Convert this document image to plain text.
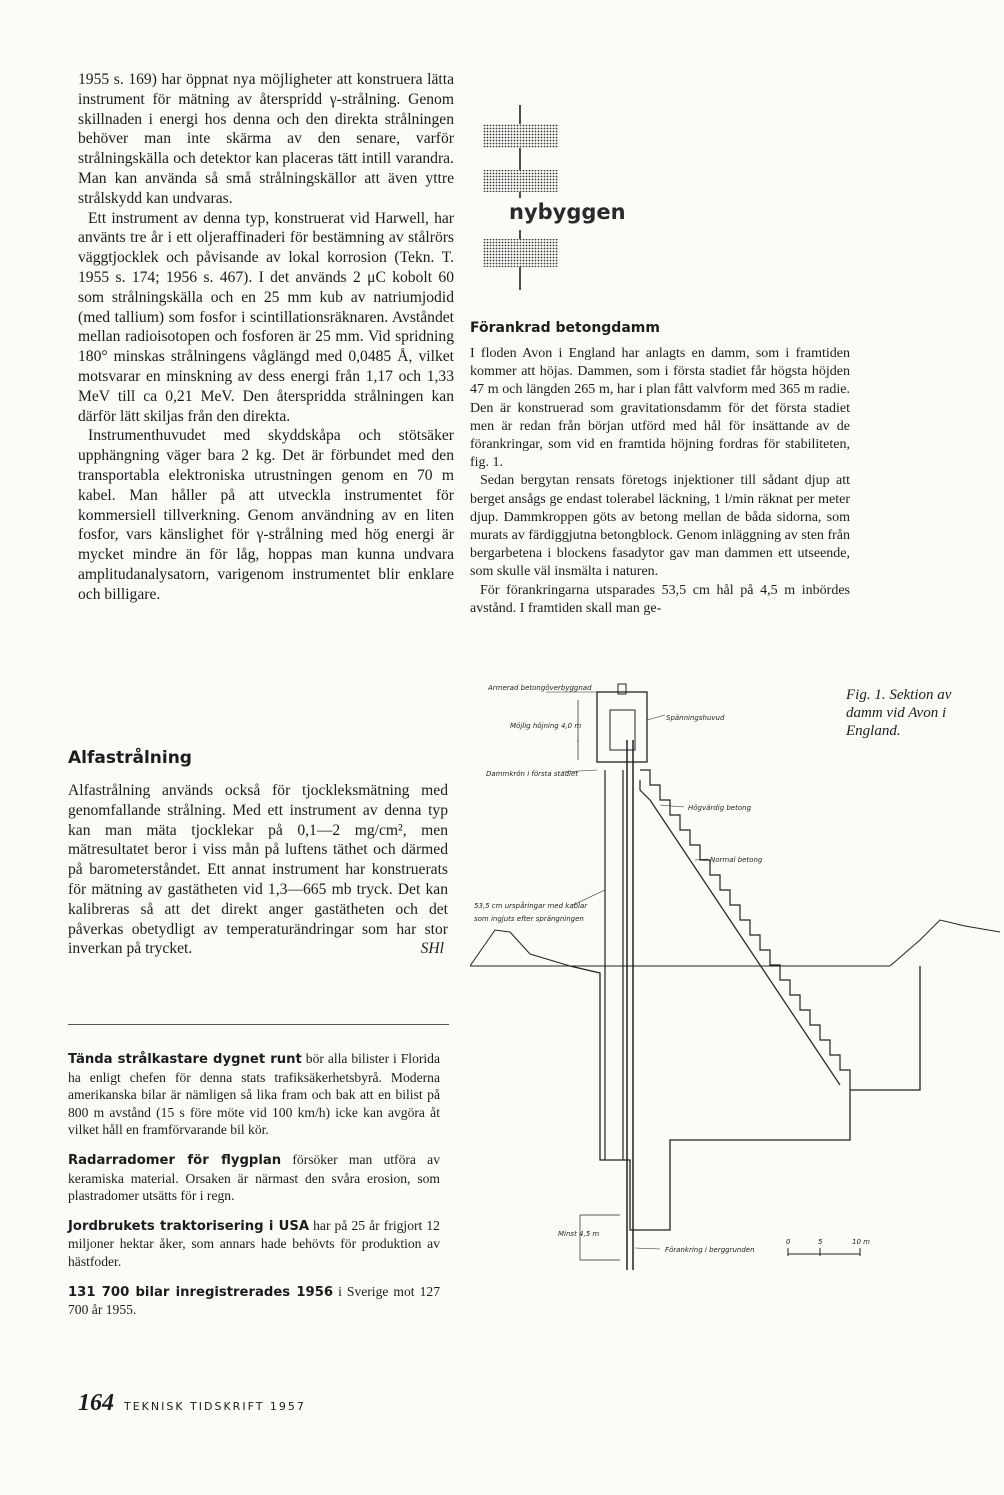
1955 s. 169) har öppnat nya möjligheter att konstruera lätta instrument för mätning av återspridd γ-strålning. Genom skillnaden i energi hos denna och den direkta strålningen behöver man inte skärma av den senare, varför strålningskälla och detektor kan placeras tätt intill varandra. Man kan använda så små strålningskällor att även yttre strålskydd kan undvaras.

Ett instrument av denna typ, konstruerat vid Harwell, har använts tre år i ett oljeraffinaderi för bestämning av stålrörs väggtjocklek och påvisande av lokal korrosion (Tekn. T. 1955 s. 174; 1956 s. 467). I det används 2 μC kobolt 60 som strålningskälla och en 25 mm kub av natriumjodid (med tallium) som fosfor i scintillationsräknaren. Avståndet mellan radioisotopen och fosforen är 25 mm. Vid spridning 180° minskas strålningens våglängd med 0,0485 Å, vilket motsvarar en minskning av dess energi från 1,17 och 1,33 MeV till ca 0,21 MeV. Den återspridda strålningen kan därför lätt skiljas från den direkta.

Instrumenthuvudet med skyddskåpa och stötsäker upphängning väger bara 2 kg. Det är förbundet med den transportabla elektroniska utrustningen genom en 70 m kabel. Man håller på att utveckla instrumentet för kommersiell tillverkning. Genom användning av en liten fosfor, vars känslighet för γ-strålning med hög energi är mycket mindre än för låg, hoppas man kunna undvara amplitudanalysatorn, varigenom instrumentet blir enklare och billigare.

Alfastrålning

Alfastrålning används också för tjockleksmätning med genomfallande strålning. Med ett instrument av denna typ kan man mäta tjocklekar på 0,1—2 mg/cm², men mätresultatet beror i viss mån på luftens täthet och därmed på barometerståndet. Ett annat instrument har konstruerats för mätning av gastätheten vid 1,3—665 mb tryck. Det kan kalibreras så att det direkt anger gastätheten och det påverkas obetydligt av temperaturändringar som har stor inverkan på trycket.	SHl

Tända strålkastare dygnet runt bör alla bilister i Florida ha enligt chefen för denna stats trafiksäkerhetsbyrå. Moderna amerikanska bilar är nämligen så lika fram och bak att en bilist på 800 m avstånd (15 s före möte vid 100 km/h) icke kan avgöra åt vilket håll en framförvarande bil kör.

Radarradomer för flygplan försöker man utföra av keramiska material. Orsaken är närmast den svåra erosion, som plastradomer utsätts för i regn.

Jordbrukets traktorisering i USA har på 25 år frigjort 12 miljoner hektar åker, som annars hade behövts för produktion av hästfoder.

131 700 bilar inregistrerades 1956 i Sverige mot 127 700 år 1955.

164 TEKNISK TIDSKRIFT 1957
nybyggen
Förankrad betongdamm

I floden Avon i England har anlagts en damm, som i framtiden kommer att höjas. Dammen, som i första stadiet får högsta höjden 47 m och längden 265 m, har i plan fått valvform med 365 m radie. Den är konstruerad som gravitationsdamm för det första stadiet men är redan från början utförd med hål för insättande av de förankringar, som vid en framtida höjning fordras för stabiliteten, fig. 1.

Sedan bergytan rensats företogs injektioner till sådant djup att berget ansågs ge endast tolerabel läckning, 1 l/min räknat per meter djup. Dammkroppen göts av betong mellan de båda sidorna, som murats av färdiggjutna betongblock. Genom inläggning av sten från bergarbetena i blockens fasadytor gav man dammen ett utseende, som skulle väl insmälta i naturen.

För förankringarna utsparades 53,5 cm hål på 4,5 m inbördes avstånd. I framtiden skall man ge-

Fig. 1. Sektion av damm vid Avon i England.
Armerad betongöverbyggnad
Möjlig höjning 4,0 m
Spänningshuvud
Dammkrön i första stadiet
Högvärdig betong
Normal betong
53,5 cm urspåringar med kablar
som ingjuts efter sprängningen
Minst 4,5 m
Förankring i berggrunden
0	5	10 m
